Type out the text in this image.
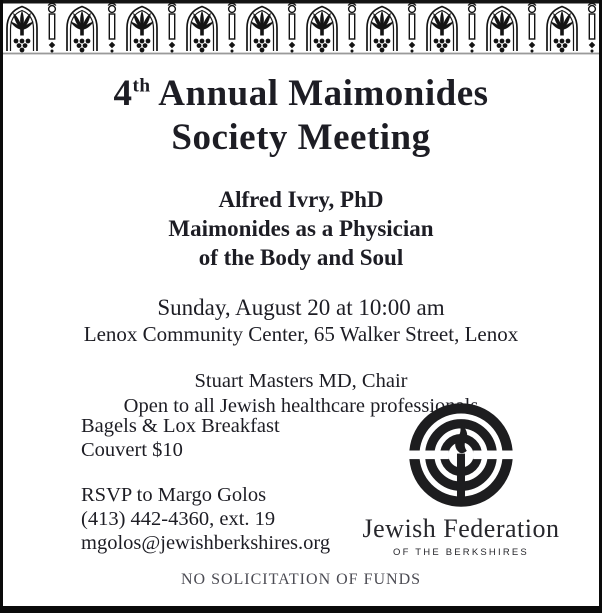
4th Annual Maimonides
Society Meeting
Alfred Ivry, PhD
Maimonides as a Physician
of the Body and Soul
Sunday, August 20 at 10:00 am
Lenox Community Center, 65 Walker Street, Lenox
Stuart Masters MD, Chair
Open to all Jewish healthcare professionals
Bagels & Lox Breakfast
Couvert $10
RSVP to Margo Golos
(413) 442-4360, ext. 19
mgolos@jewishberkshires.org Jewish Federation
OF THE BERKSHIRES
NO SOLICITATION OF FUNDS
